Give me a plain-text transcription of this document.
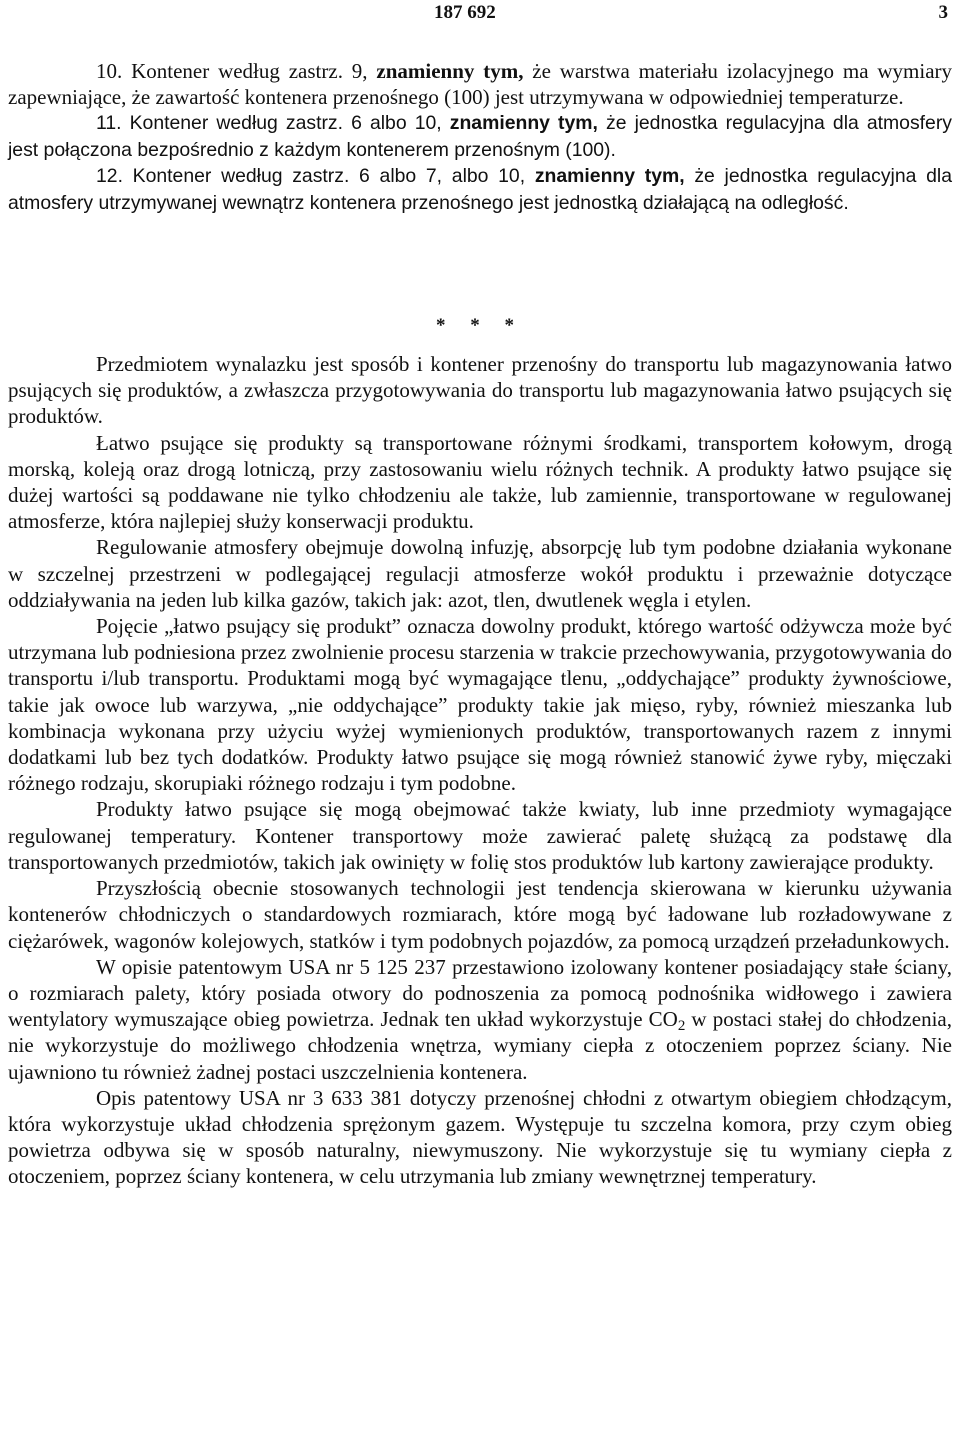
187 692	3

10. Kontener według zastrz. 9, znamienny tym, że warstwa materiału izolacyjnego ma wymiary zapewniające, że zawartość kontenera przenośnego (100) jest utrzymywana w odpowiedniej temperaturze.

11. Kontener według zastrz. 6 albo 10, znamienny tym, że jednostka regulacyjna dla atmosfery jest połączona bezpośrednio z każdym kontenerem przenośnym (100).

12. Kontener według zastrz. 6 albo 7, albo 10, znamienny tym, że jednostka regulacyjna dla atmosfery utrzymywanej wewnątrz kontenera przenośnego jest jednostką działającą na odległość.

* * *

Przedmiotem wynalazku jest sposób i kontener przenośny do transportu lub magazynowania łatwo psujących się produktów, a zwłaszcza przygotowywania do transportu lub magazynowania łatwo psujących się produktów.

Łatwo psujące się produkty są transportowane różnymi środkami, transportem kołowym, drogą morską, koleją oraz drogą lotniczą, przy zastosowaniu wielu różnych technik. A produkty łatwo psujące się dużej wartości są poddawane nie tylko chłodzeniu ale także, lub zamiennie, transportowane w regulowanej atmosferze, która najlepiej służy konserwacji produktu.

Regulowanie atmosfery obejmuje dowolną infuzję, absorpcję lub tym podobne działania wykonane w szczelnej przestrzeni w podlegającej regulacji atmosferze wokół produktu i przeważnie dotyczące oddziaływania na jeden lub kilka gazów, takich jak: azot, tlen, dwutlenek węgla i etylen.

Pojęcie „łatwo psujący się produkt” oznacza dowolny produkt, którego wartość odżywcza może być utrzymana lub podniesiona przez zwolnienie procesu starzenia w trakcie przechowywania, przygotowywania do transportu i/lub transportu. Produktami mogą być wymagające tlenu, „oddychające” produkty żywnościowe, takie jak owoce lub warzywa, „nie oddychające” produkty takie jak mięso, ryby, również mieszanka lub kombinacja wykonana przy użyciu wyżej wymienionych produktów, transportowanych razem z innymi dodatkami lub bez tych dodatków. Produkty łatwo psujące się mogą również stanowić żywe ryby, mięczaki różnego rodzaju, skorupiaki różnego rodzaju i tym podobne.

Produkty łatwo psujące się mogą obejmować także kwiaty, lub inne przedmioty wymagające regulowanej temperatury. Kontener transportowy może zawierać paletę służącą za podstawę dla transportowanych przedmiotów, takich jak owinięty w folię stos produktów lub kartony zawierające produkty.

Przyszłością obecnie stosowanych technologii jest tendencja skierowana w kierunku używania kontenerów chłodniczych o standardowych rozmiarach, które mogą być ładowane lub rozładowywane z ciężarówek, wagonów kolejowych, statków i tym podobnych pojazdów, za pomocą urządzeń przeładunkowych.

W opisie patentowym USA nr 5 125 237 przestawiono izolowany kontener posiadający stałe ściany, o rozmiarach palety, który posiada otwory do podnoszenia za pomocą podnośnika widłowego i zawiera wentylatory wymuszające obieg powietrza. Jednak ten układ wykorzystuje $CO_2$ w postaci stałej do chłodzenia, nie wykorzystuje do możliwego chłodzenia wnętrza, wymiany ciepła z otoczeniem poprzez ściany. Nie ujawniono tu również żadnej postaci uszczelnienia kontenera.

Opis patentowy USA nr 3 633 381 dotyczy przenośnej chłodni z otwartym obiegiem chłodzącym, która wykorzystuje układ chłodzenia sprężonym gazem. Występuje tu szczelna komora, przy czym obieg powietrza odbywa się w sposób naturalny, niewymuszony. Nie wykorzystuje się tu wymiany ciepła z otoczeniem, poprzez ściany kontenera, w celu utrzymania lub zmiany wewnętrznej temperatury.
